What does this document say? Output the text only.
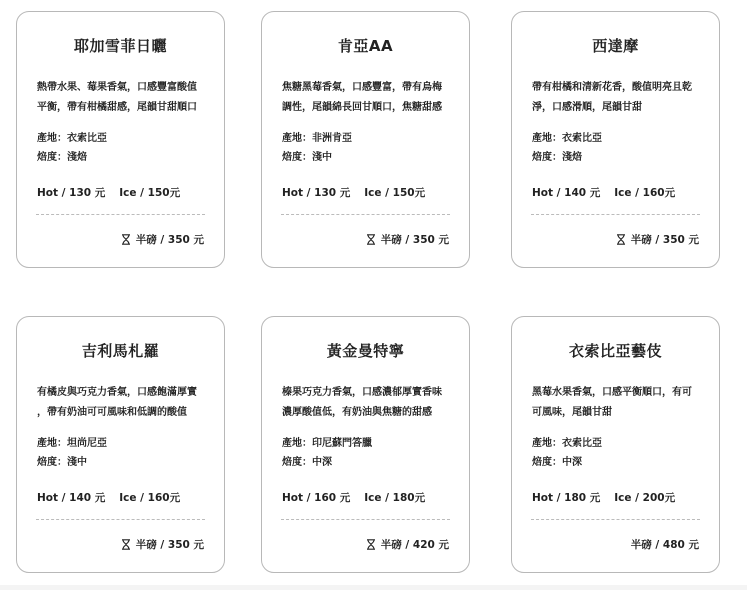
耶加雪菲日曬
熱帶水果、莓果香氣，口感豐富酸值
平衡，帶有柑橘甜感，尾韻甘甜順口
產地：衣索比亞
焙度：淺焙
Hot / 130 元 Ice / 150元
半磅 / 350 元
肯亞AA
焦糖黑莓香氣，口感豐富，帶有烏梅
調性，尾韻綿長回甘順口，焦糖甜感
產地：非洲肯亞
焙度：淺中
Hot / 130 元 Ice / 150元
半磅 / 350 元
西達摩
帶有柑橘和清新花香，酸值明亮且乾
淨，口感滑順，尾韻甘甜
產地：衣索比亞
焙度：淺焙
Hot / 140 元 Ice / 160元
半磅 / 350 元
吉利馬札羅
有橘皮與巧克力香氣，口感飽滿厚實
，帶有奶油可可風味和低調的酸值
產地：坦尚尼亞
焙度：淺中
Hot / 140 元 Ice / 160元
半磅 / 350 元
黃金曼特寧
榛果巧克力香氣，口感濃郁厚實香味
濃厚酸值低，有奶油與焦糖的甜感
產地：印尼蘇門答臘
焙度：中深
Hot / 160 元 Ice / 180元
半磅 / 420 元
衣索比亞藝伎
黑莓水果香氣，口感平衡順口，有可
可風味，尾韻甘甜
產地：衣索比亞
焙度：中深
Hot / 180 元 Ice / 200元
半磅 / 480 元
